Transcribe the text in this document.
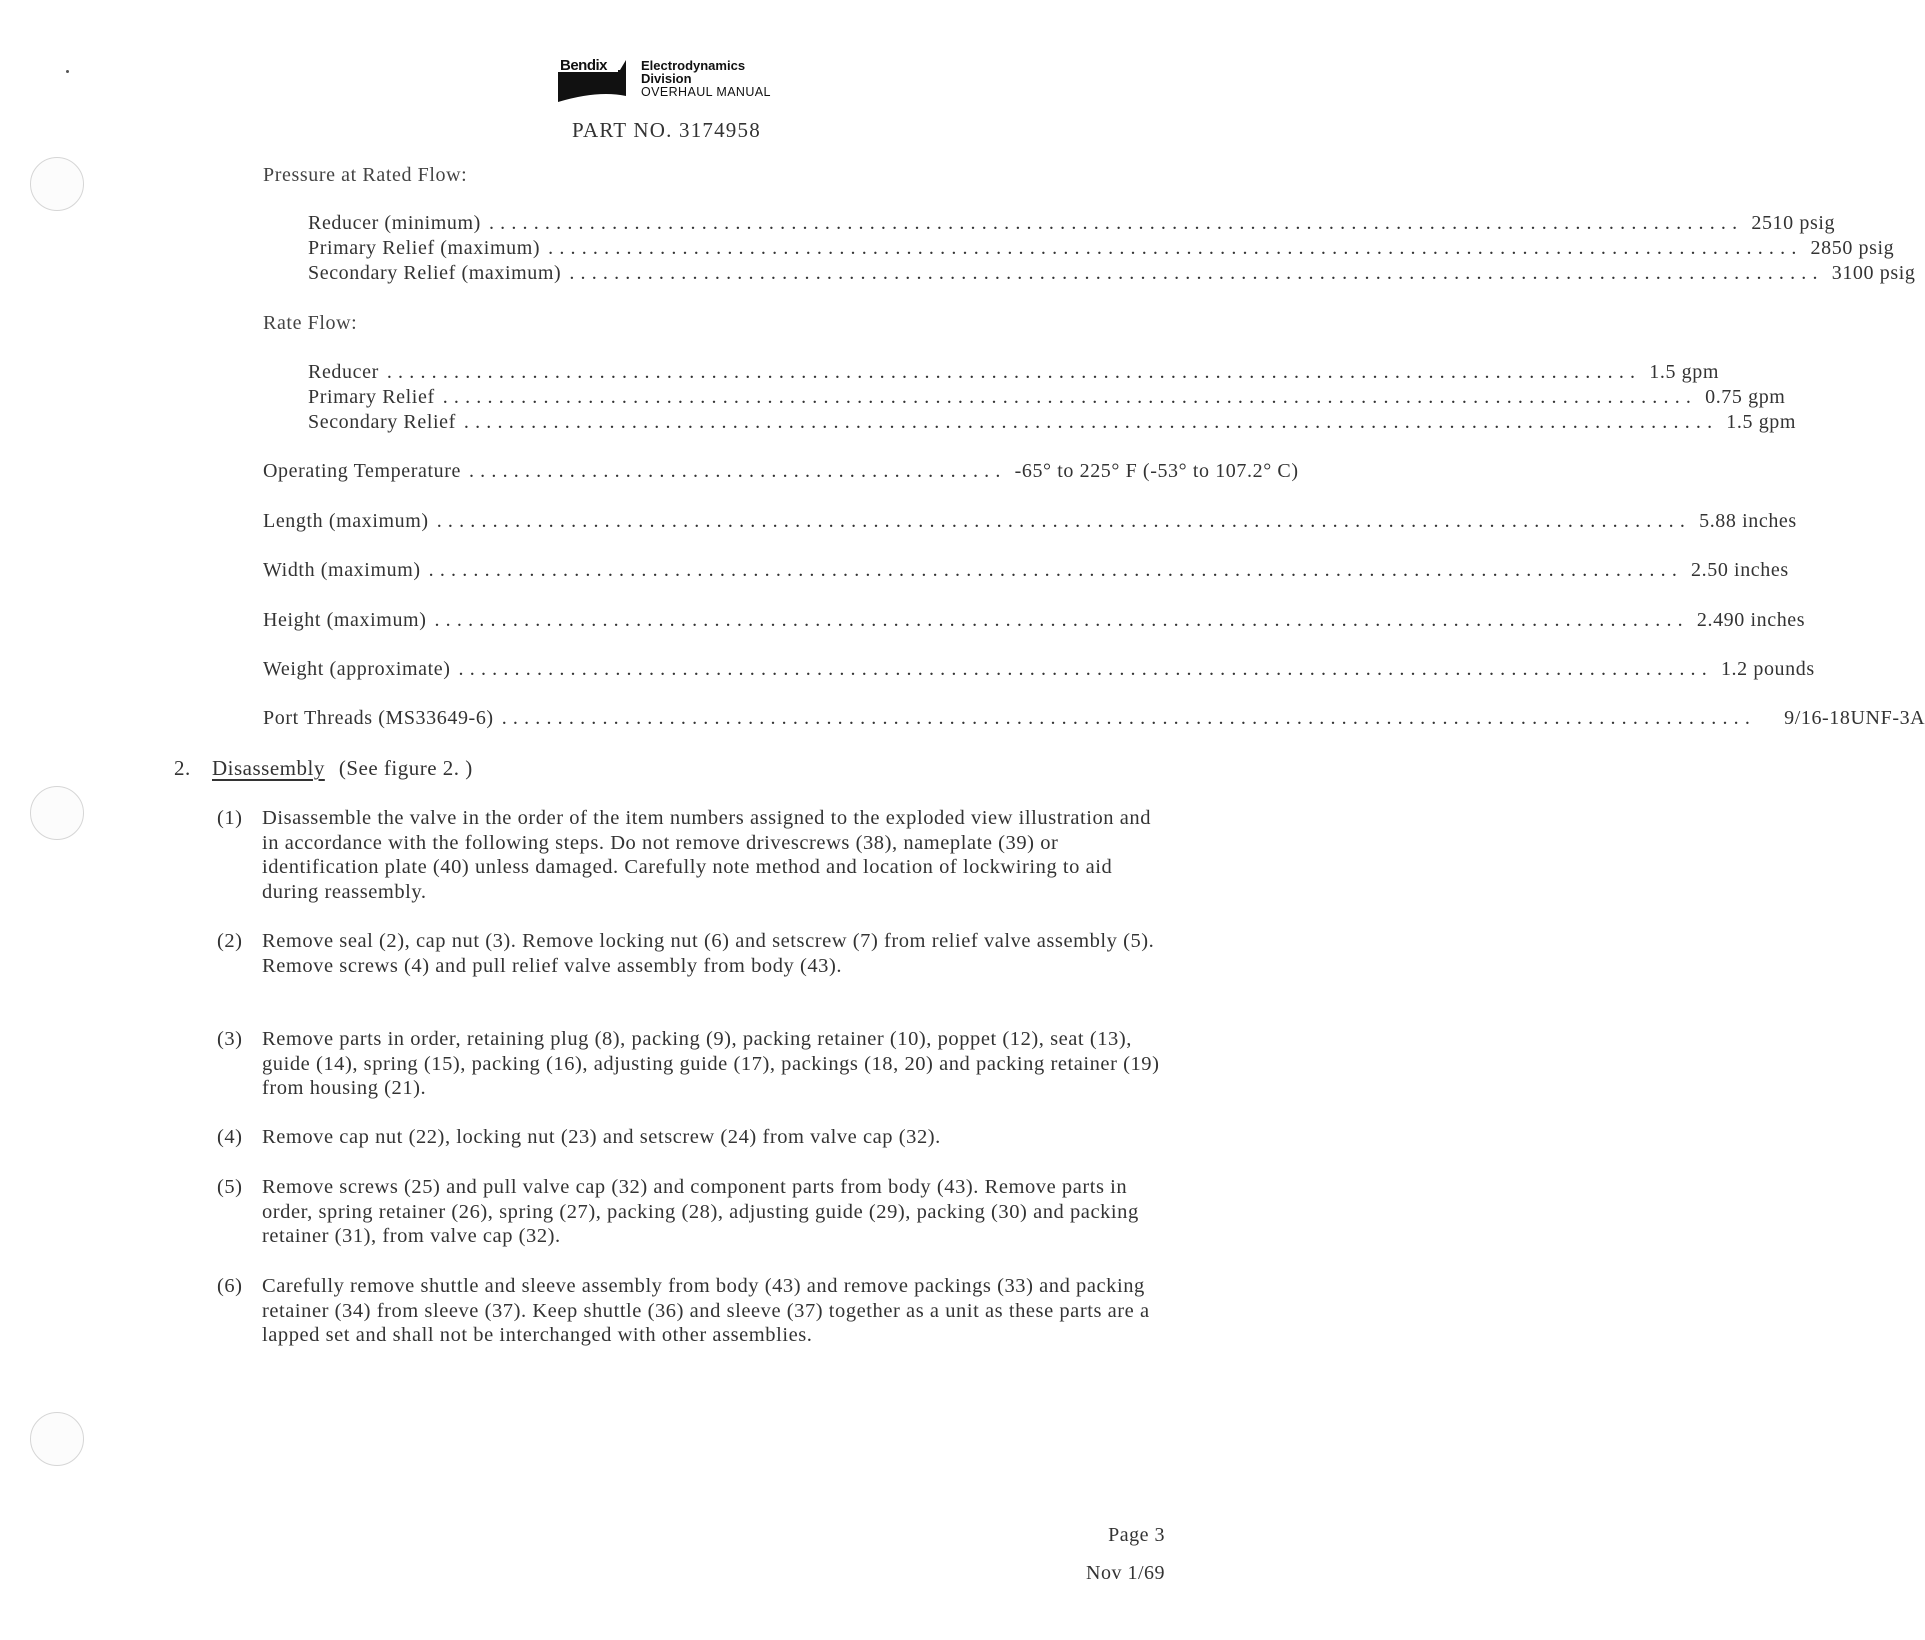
Bendix	Electrodynamics
Division
OVERHAUL MANUAL
PART NO. 3174958
Pressure at Rated Flow:
Reducer (minimum) ................................................................................................................ 2510 psig
Primary Relief (maximum) ................................................................................................................ 2850 psig
Secondary Relief (maximum) ................................................................................................................ 3100 psig
Rate Flow:
Reducer ................................................................................................................ 1.5 gpm
Primary Relief ................................................................................................................ 0.75 gpm
Secondary Relief ................................................................................................................ 1.5 gpm
Operating Temperature ................................................ -65° to 225° F (-53° to 107.2° C)
Length (maximum) ................................................................................................................ 5.88 inches
Width (maximum) ................................................................................................................ 2.50 inches
Height (maximum) ................................................................................................................ 2.490 inches
Weight (approximate) ................................................................................................................ 1.2 pounds
Port Threads (MS33649-6) ................................................................................................................	9/16-18UNF-3A
2. Disassembly (See figure 2. )
(1) Disassemble the valve in the order of the item numbers assigned to the exploded view illustration and in accordance with the following steps. Do not remove drivescrews (38), nameplate (39) or identification plate (40) unless damaged. Carefully note method and location of lockwiring to aid during reassembly.
(2) Remove seal (2), cap nut (3). Remove locking nut (6) and setscrew (7) from relief valve assembly (5). Remove screws (4) and pull relief valve assembly from body (43).
(3) Remove parts in order, retaining plug (8), packing (9), packing retainer (10), poppet (12), seat (13), guide (14), spring (15), packing (16), adjusting guide (17), packings (18, 20) and packing retainer (19) from housing (21).
(4) Remove cap nut (22), locking nut (23) and setscrew (24) from valve cap (32).
(5) Remove screws (25) and pull valve cap (32) and component parts from body (43). Remove parts in order, spring retainer (26), spring (27), packing (28), adjusting guide (29), packing (30) and packing retainer (31), from valve cap (32).
(6) Carefully remove shuttle and sleeve assembly from body (43) and remove packings (33) and packing retainer (34) from sleeve (37). Keep shuttle (36) and sleeve (37) together as a unit as these parts are a lapped set and shall not be interchanged with other assemblies.
Page 3
Nov 1/69
